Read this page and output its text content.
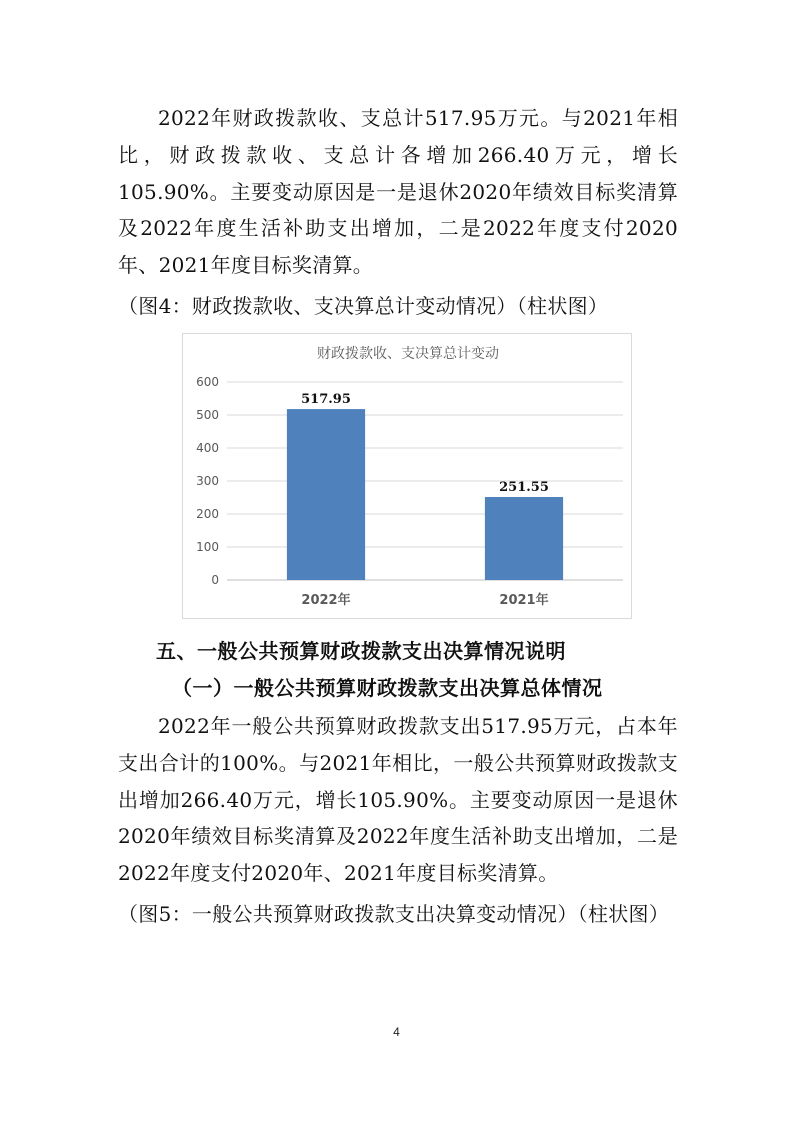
2022年财政拨款收、支总计517.95万元。与2021年相比，财政拨款收、支总计各增加266.40万元，增长105.90%。主要变动原因是一是退休2020年绩效目标奖清算及2022年度生活补助支出增加，二是2022年度支付2020年、2021年度目标奖清算。

（图4：财政拨款收、支决算总计变动情况）（柱状图）

财政拨款收、支决算总计变动
0
100
200
300
400
500
600
517.95
251.55
2022年	2021年

五、一般公共预算财政拨款支出决算情况说明

（一）一般公共预算财政拨款支出决算总体情况

2022年一般公共预算财政拨款支出517.95万元，占本年支出合计的100%。与2021年相比，一般公共预算财政拨款支出增加266.40万元，增长105.90%。主要变动原因一是退休2020年绩效目标奖清算及2022年度生活补助支出增加，二是2022年度支付2020年、2021年度目标奖清算。

（图5：一般公共预算财政拨款支出决算变动情况）（柱状图）

4
